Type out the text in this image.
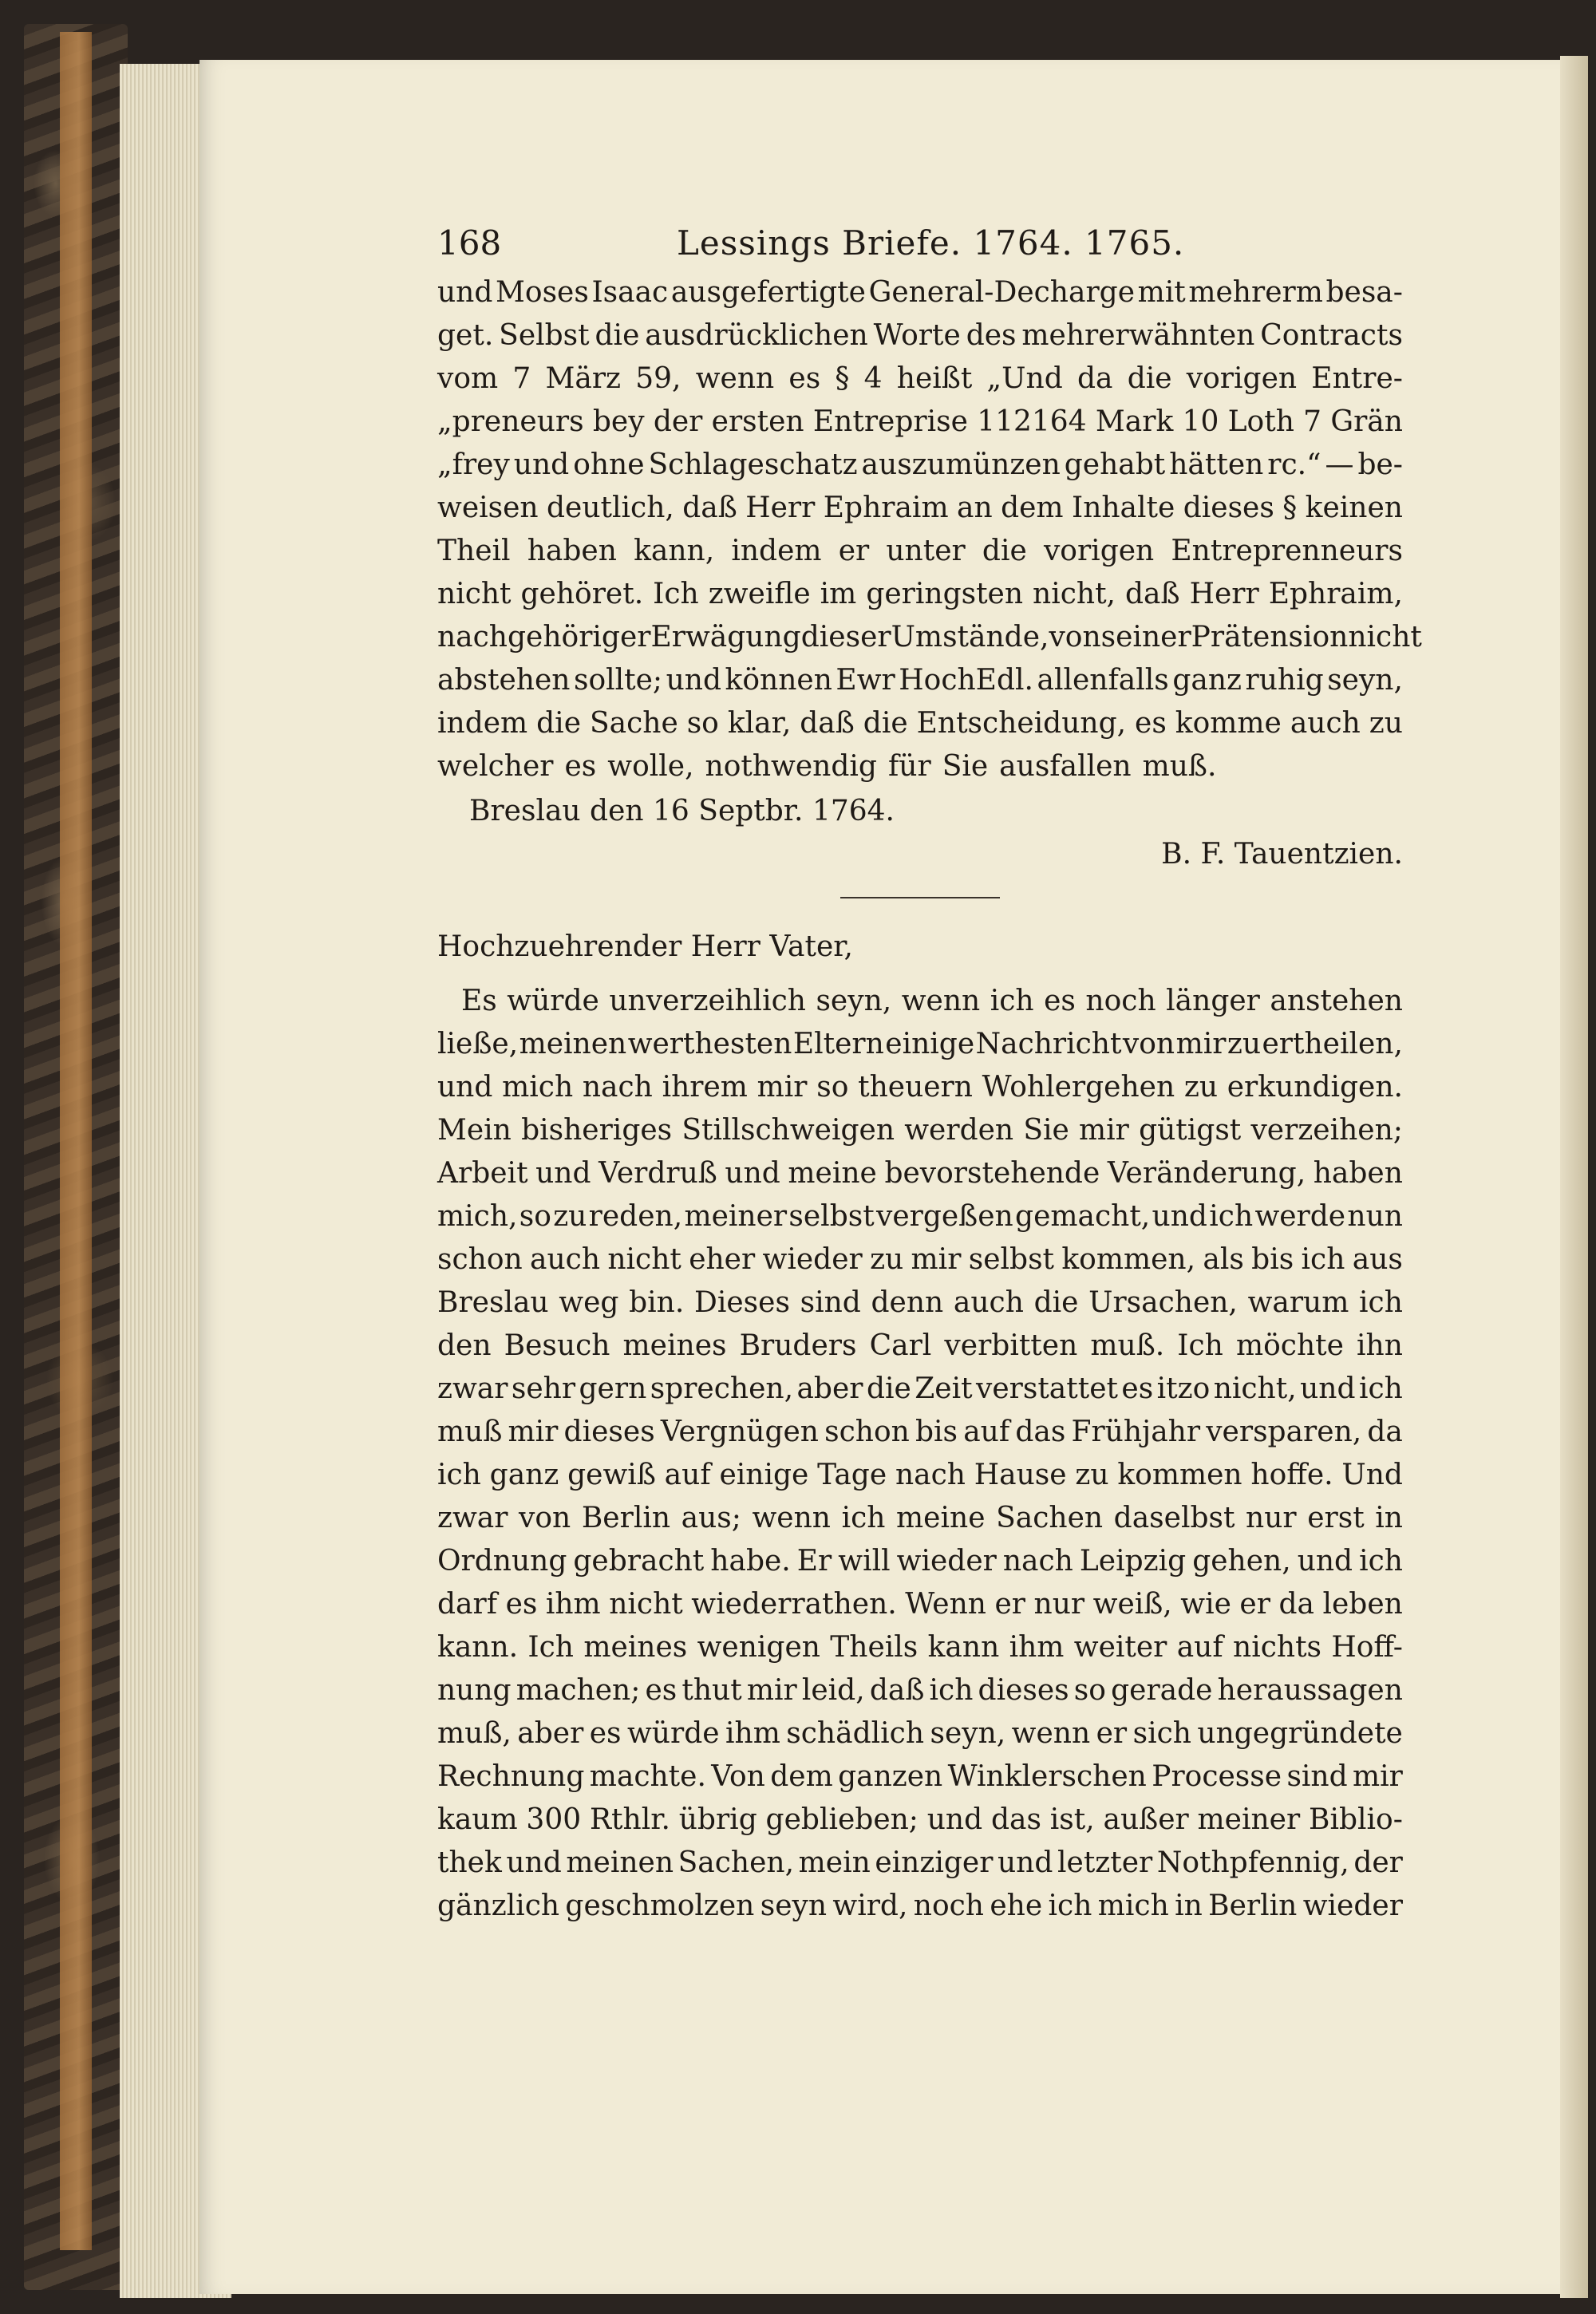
168	Lessings Briefe. 1764. 1765.
und Moses Isaac ausgefertigte General-Decharge mit mehrerm besa-
get. Selbst die ausdrücklichen Worte des mehrerwähnten Contracts
vom 7 März 59, wenn es § 4 heißt „Und da die vorigen Entre-
„preneurs bey der ersten Entreprise 112164 Mark 10 Loth 7 Grän
„frey und ohne Schlageschatz auszumünzen gehabt hätten rc.“ — be-
weisen deutlich, daß Herr Ephraim an dem Inhalte dieses § keinen
Theil haben kann, indem er unter die vorigen Entreprenneurs
nicht gehöret. Ich zweifle im geringsten nicht, daß Herr Ephraim,
nach gehöriger Erwägung dieser Umstände, von seiner Prätension nicht
abstehen sollte; und können Ewr HochEdl. allenfalls ganz ruhig seyn,
indem die Sache so klar, daß die Entscheidung, es komme auch zu
welcher es wolle, nothwendig für Sie ausfallen muß.
Breslau den 16 Septbr. 1764.
B. F. Tauentzien.
Hochzuehrender Herr Vater,
Es würde unverzeihlich seyn, wenn ich es noch länger anstehen
ließe, meinen werthesten Eltern einige Nachricht von mir zu ertheilen,
und mich nach ihrem mir so theuern Wohlergehen zu erkundigen.
Mein bisheriges Stillschweigen werden Sie mir gütigst verzeihen;
Arbeit und Verdruß und meine bevorstehende Veränderung, haben
mich, so zu reden, meiner selbst vergeßen gemacht, und ich werde nun
schon auch nicht eher wieder zu mir selbst kommen, als bis ich aus
Breslau weg bin. Dieses sind denn auch die Ursachen, warum ich
den Besuch meines Bruders Carl verbitten muß. Ich möchte ihn
zwar sehr gern sprechen, aber die Zeit verstattet es itzo nicht, und ich
muß mir dieses Vergnügen schon bis auf das Frühjahr versparen, da
ich ganz gewiß auf einige Tage nach Hause zu kommen hoffe. Und
zwar von Berlin aus; wenn ich meine Sachen daselbst nur erst in
Ordnung gebracht habe. Er will wieder nach Leipzig gehen, und ich
darf es ihm nicht wiederrathen. Wenn er nur weiß, wie er da leben
kann. Ich meines wenigen Theils kann ihm weiter auf nichts Hoff-
nung machen; es thut mir leid, daß ich dieses so gerade heraussagen
muß, aber es würde ihm schädlich seyn, wenn er sich ungegründete
Rechnung machte. Von dem ganzen Winklerschen Processe sind mir
kaum 300 Rthlr. übrig geblieben; und das ist, außer meiner Biblio-
thek und meinen Sachen, mein einziger und letzter Nothpfennig, der
gänzlich geschmolzen seyn wird, noch ehe ich mich in Berlin wieder
